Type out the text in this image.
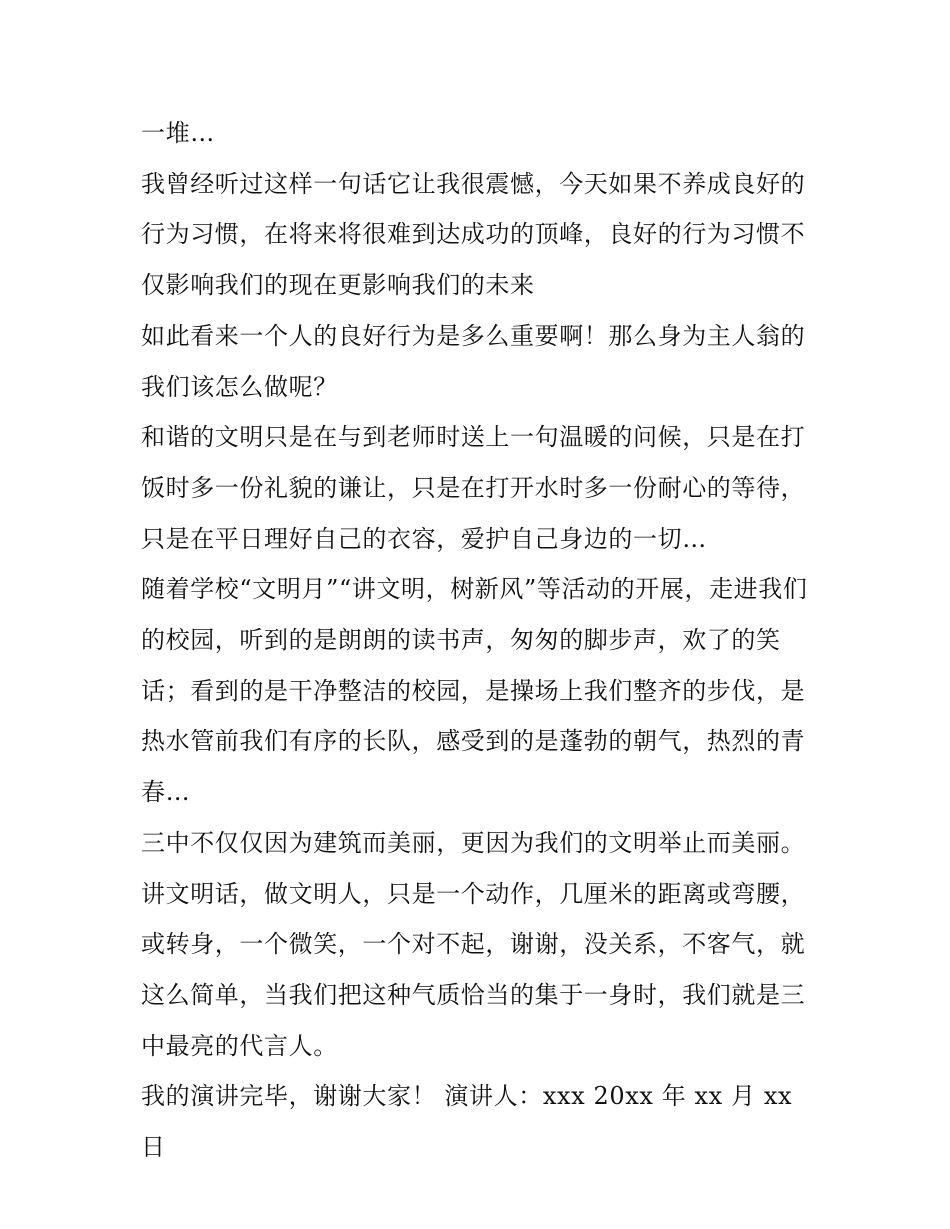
一堆…

我曾经听过这样一句话它让我很震憾，今天如果不养成良好的行为习惯，在将来将很难到达成功的顶峰，良好的行为习惯不仅影响我们的现在更影响我们的未来

如此看来一个人的良好行为是多么重要啊！那么身为主人翁的我们该怎么做呢？

和谐的文明只是在与到老师时送上一句温暖的问候，只是在打饭时多一份礼貌的谦让，只是在打开水时多一份耐心的等待，只是在平日理好自己的衣容，爱护自己身边的一切…

随着学校“文明月”“讲文明，树新风”等活动的开展，走进我们的校园，听到的是朗朗的读书声，匆匆的脚步声，欢了的笑话；看到的是干净整洁的校园，是操场上我们整齐的步伐，是热水管前我们有序的长队，感受到的是蓬勃的朝气，热烈的青春…

三中不仅仅因为建筑而美丽，更因为我们的文明举止而美丽。讲文明话，做文明人，只是一个动作，几厘米的距离或弯腰，或转身，一个微笑，一个对不起，谢谢，没关系，不客气，就这么简单，当我们把这种气质恰当的集于一身时，我们就是三中最亮的代言人。

我的演讲完毕，谢谢大家！ 演讲人：xxx 20xx 年 xx 月 xx 日
